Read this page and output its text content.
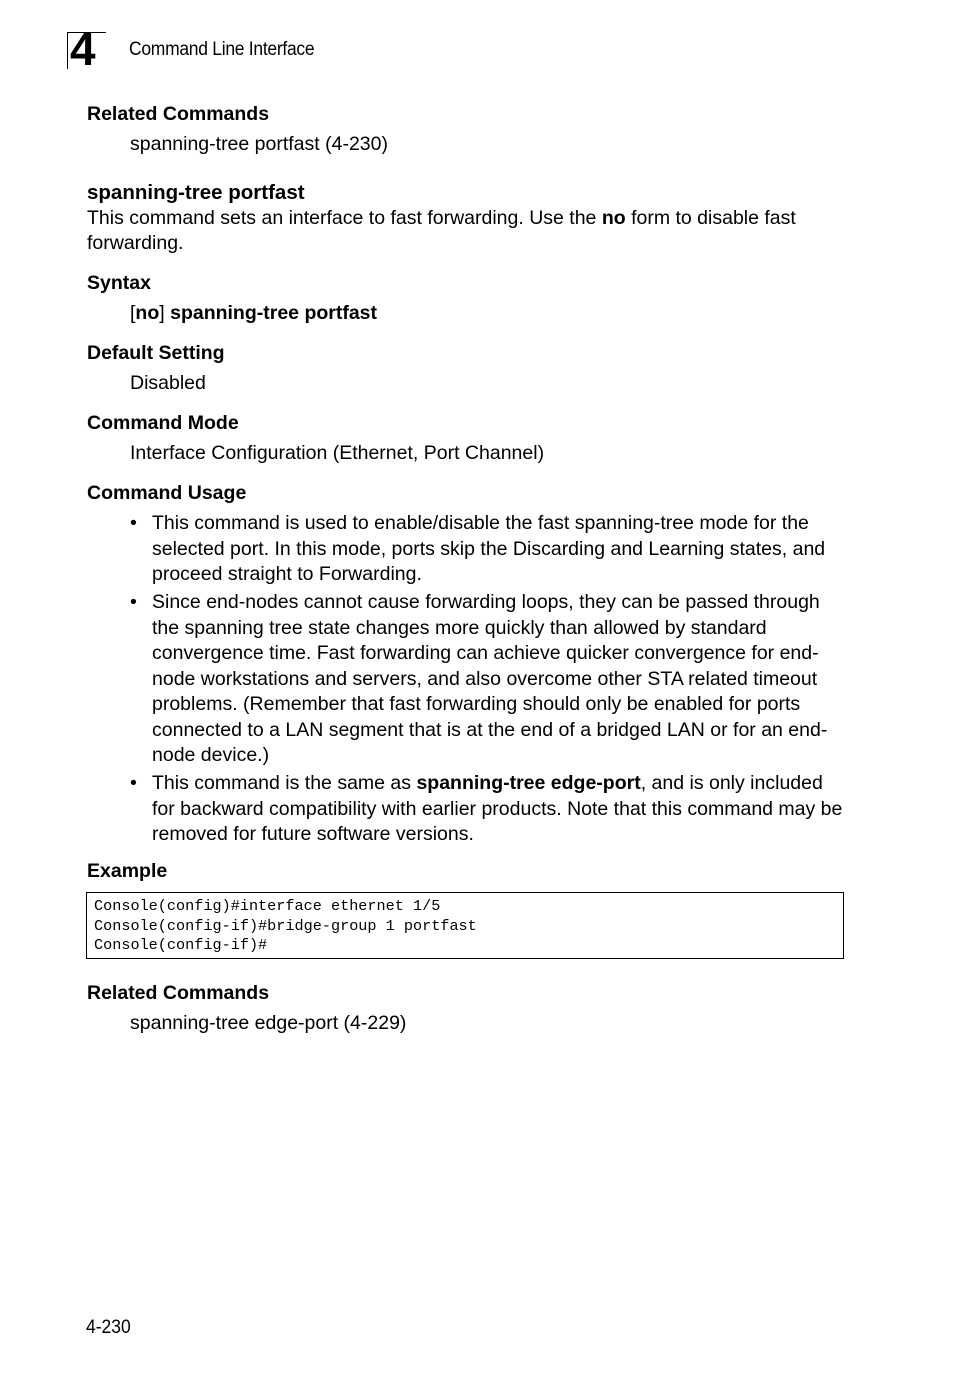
4 Command Line Interface
Related Commands
spanning-tree portfast (4-230)
spanning-tree portfast
This command sets an interface to fast forwarding. Use the no form to disable fast forwarding.
Syntax
[no] spanning-tree portfast
Default Setting
Disabled
Command Mode
Interface Configuration (Ethernet, Port Channel)
Command Usage
• This command is used to enable/disable the fast spanning-tree mode for the selected port. In this mode, ports skip the Discarding and Learning states, and proceed straight to Forwarding.
• Since end-nodes cannot cause forwarding loops, they can be passed through the spanning tree state changes more quickly than allowed by standard convergence time. Fast forwarding can achieve quicker convergence for end-node workstations and servers, and also overcome other STA related timeout problems. (Remember that fast forwarding should only be enabled for ports connected to a LAN segment that is at the end of a bridged LAN or for an end-node device.)
• This command is the same as spanning-tree edge-port, and is only included for backward compatibility with earlier products. Note that this command may be removed for future software versions.
Example
Console(config)#interface ethernet 1/5
Console(config-if)#bridge-group 1 portfast
Console(config-if)#
Related Commands
spanning-tree edge-port (4-229)
4-230
